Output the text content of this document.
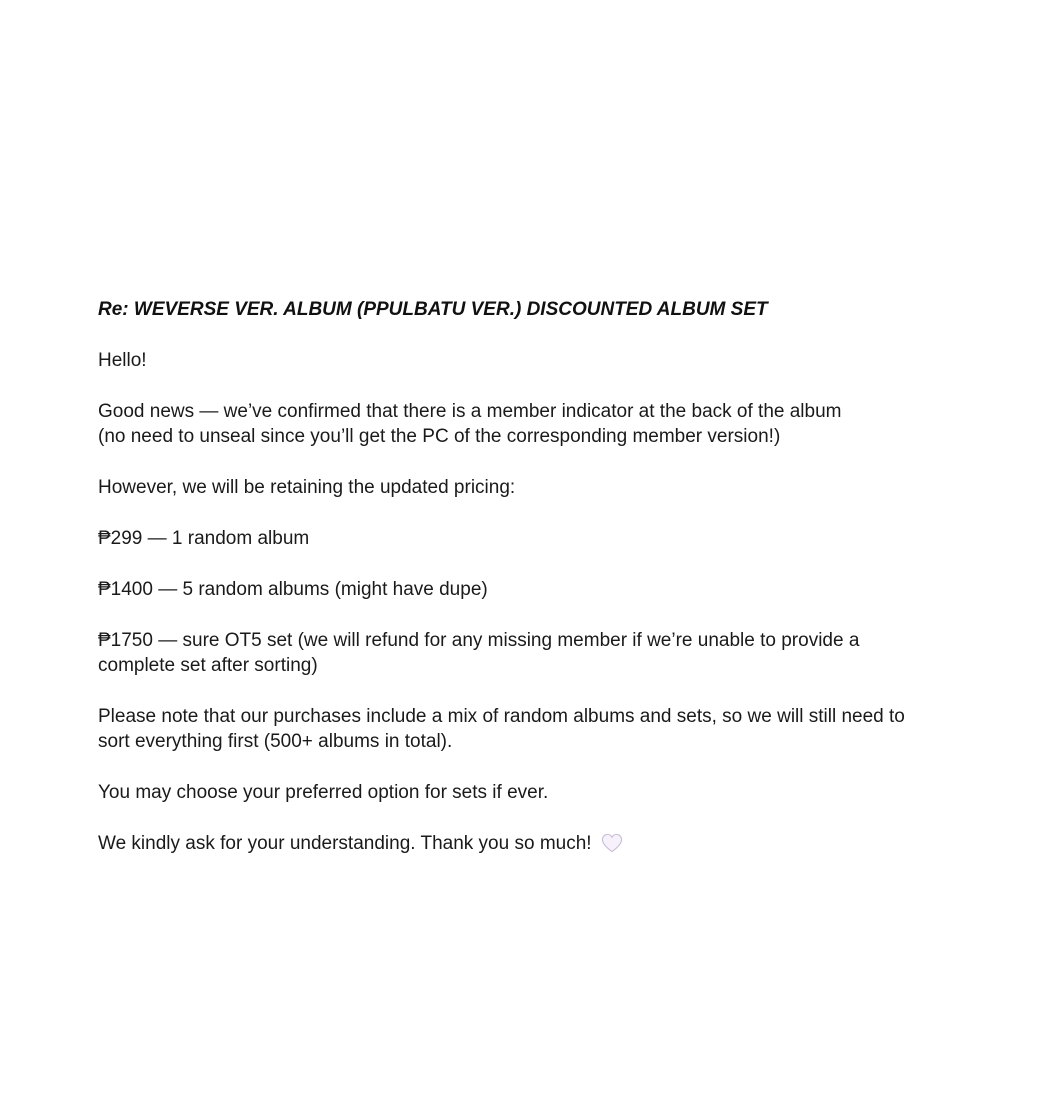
Re: WEVERSE VER. ALBUM (PPULBATU VER.) DISCOUNTED ALBUM SET
Hello!
Good news — we’ve confirmed that there is a member indicator at the back of the album
(no need to unseal since you’ll get the PC of the corresponding member version!)
However, we will be retaining the updated pricing:
₱299 — 1 random album
₱1400 — 5 random albums (might have dupe)
₱1750 — sure OT5 set (we will refund for any missing member if we’re unable to provide a
complete set after sorting)
Please note that our purchases include a mix of random albums and sets, so we will still need to
sort everything first (500+ albums in total).
You may choose your preferred option for sets if ever.
We kindly ask for your understanding. Thank you so much!
